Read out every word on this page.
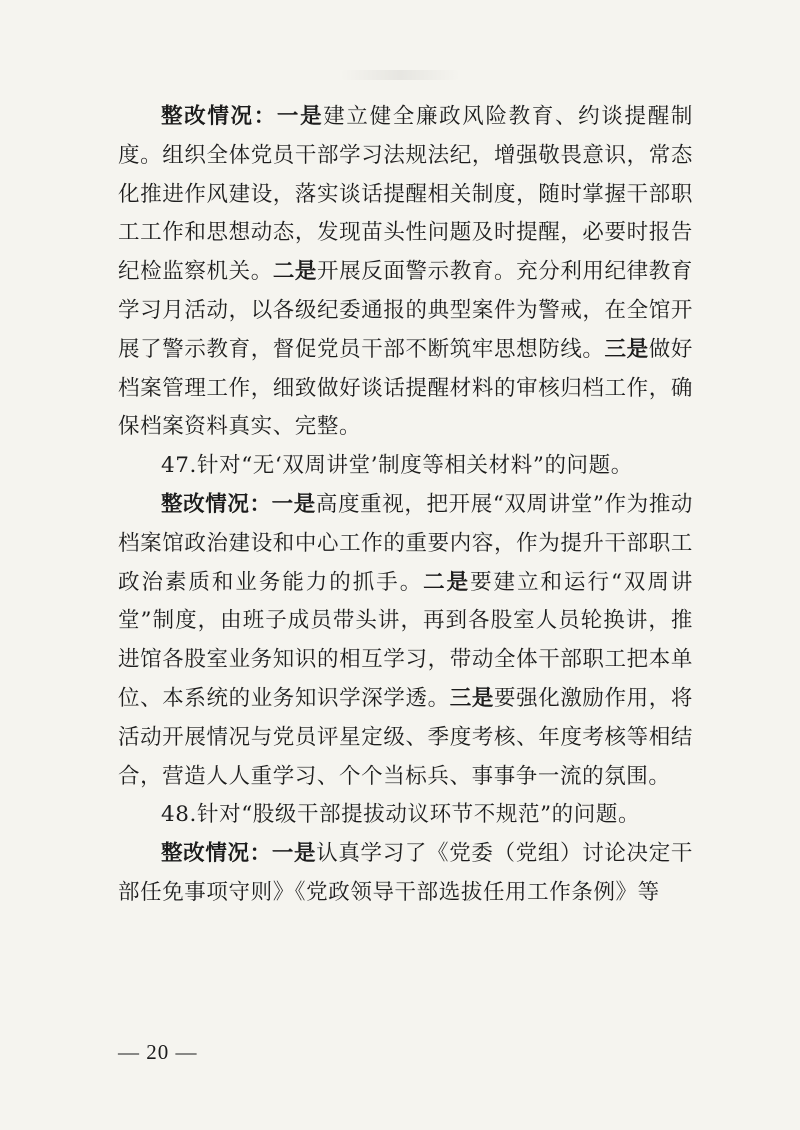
整改情况：一是建立健全廉政风险教育、约谈提醒制度。组织全体党员干部学习法规法纪，增强敬畏意识，常态化推进作风建设，落实谈话提醒相关制度，随时掌握干部职工工作和思想动态，发现苗头性问题及时提醒，必要时报告纪检监察机关。二是开展反面警示教育。充分利用纪律教育学习月活动，以各级纪委通报的典型案件为警戒，在全馆开展了警示教育，督促党员干部不断筑牢思想防线。三是做好档案管理工作，细致做好谈话提醒材料的审核归档工作，确保档案资料真实、完整。

47.针对“无‘双周讲堂’制度等相关材料”的问题。

整改情况：一是高度重视，把开展“双周讲堂”作为推动档案馆政治建设和中心工作的重要内容，作为提升干部职工政治素质和业务能力的抓手。二是要建立和运行“双周讲堂”制度，由班子成员带头讲，再到各股室人员轮换讲，推进馆各股室业务知识的相互学习，带动全体干部职工把本单位、本系统的业务知识学深学透。三是要强化激励作用，将活动开展情况与党员评星定级、季度考核、年度考核等相结合，营造人人重学习、个个当标兵、事事争一流的氛围。

48.针对“股级干部提拔动议环节不规范”的问题。

整改情况：一是认真学习了《党委（党组）讨论决定干部任免事项守则》《党政领导干部选拔任用工作条例》等

— 20 —
